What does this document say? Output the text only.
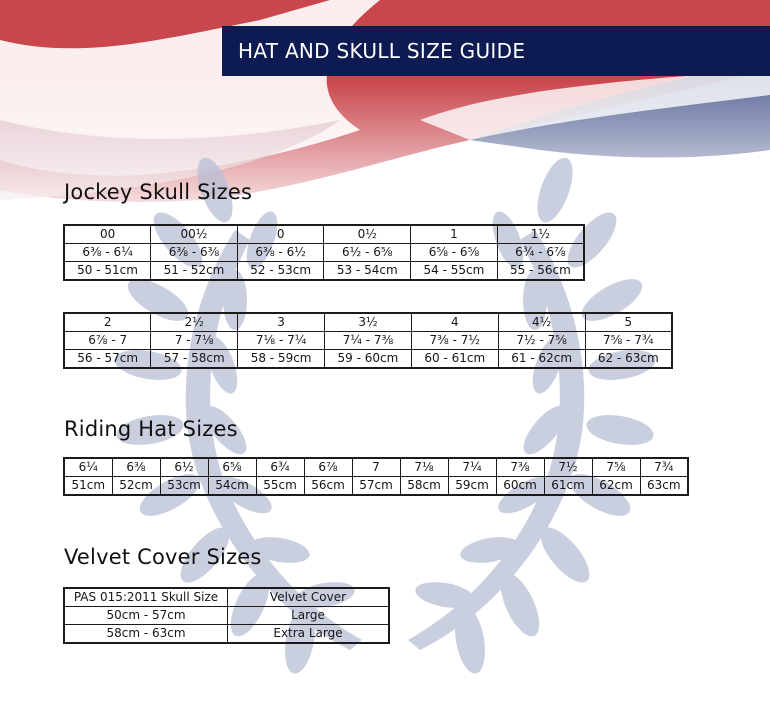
HAT AND SKULL SIZE GUIDE
Jockey Skull Sizes
00	00½	0	0½	1	1½
6⅜ - 6¼	6⅜ - 6⅜	6⅜ - 6½	6½ - 6⅝	6⅝ - 6⅝	6¾ - 6⅞
50 - 51cm	51 - 52cm	52 - 53cm	53 - 54cm	54 - 55cm	55 - 56cm
2	2½	3	3½	4	4½	5
6⅞ - 7	7 - 7⅛	7⅛ - 7¼	7¼ - 7⅜	7⅜ - 7½	7½ - 7⅝	7⅝ - 7¾
56 - 57cm	57 - 58cm	58 - 59cm	59 - 60cm	60 - 61cm	61 - 62cm	62 - 63cm
Riding Hat Sizes
6¼	6⅜	6½	6⅝	6¾	6⅞	7	7⅛	7¼	7⅜	7½	7⅝	7¾
51cm	52cm	53cm	54cm	55cm	56cm	57cm	58cm	59cm	60cm	61cm	62cm	63cm
Velvet Cover Sizes
PAS 015:2011 Skull Size	Velvet Cover
50cm - 57cm	Large
58cm - 63cm	Extra Large
